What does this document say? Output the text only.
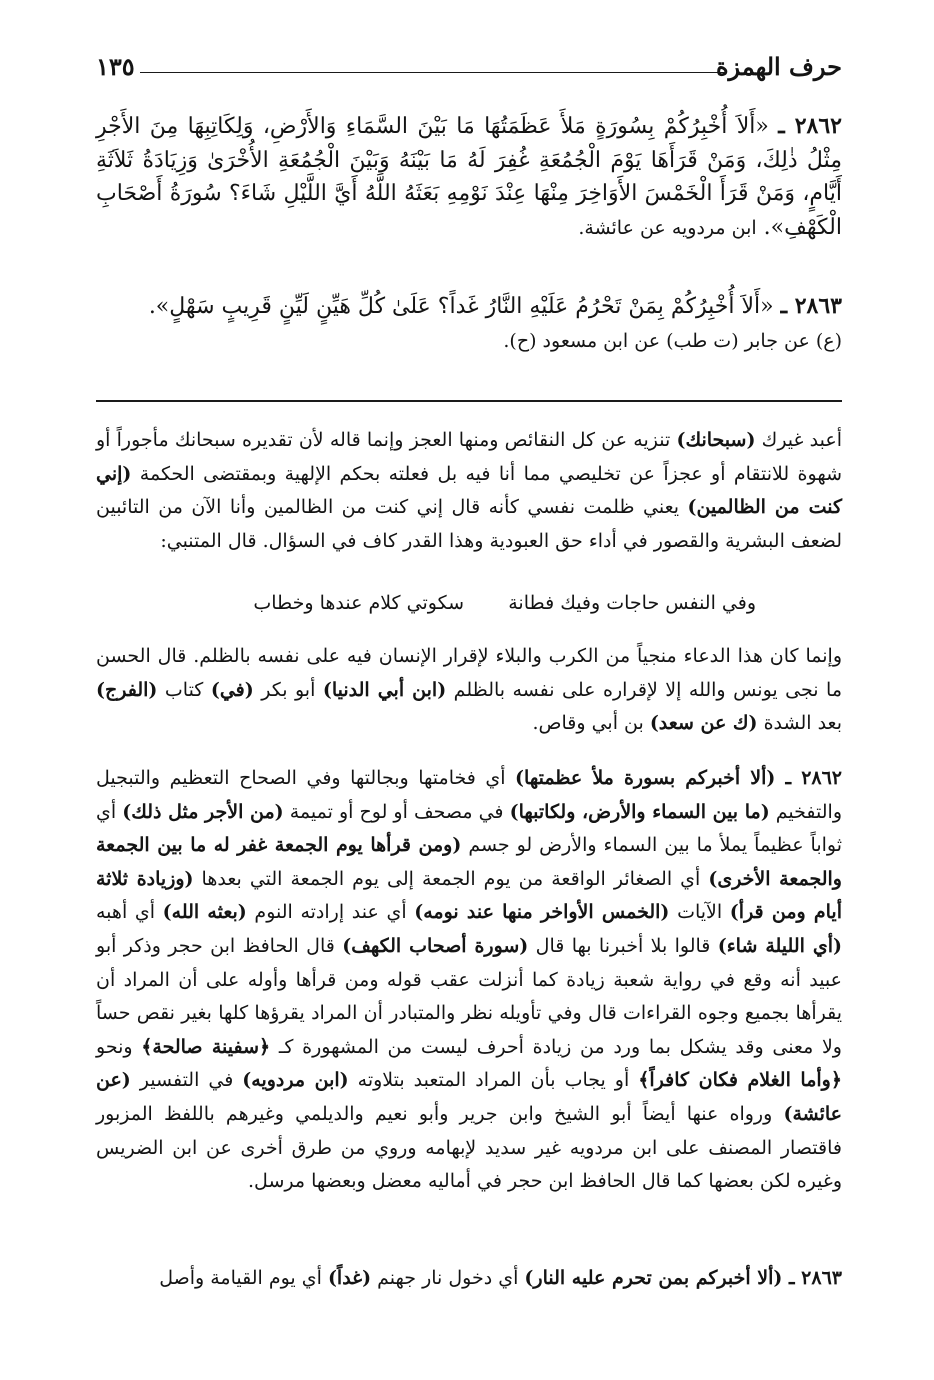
حرف الهمزة
١٣٥
٢٨٦٢ ـ «أَلاَ أُخْبِرُكُمْ بِسُورَةٍ مَلأَ عَظَمَتُهَا مَا بَيْنَ السَّمَاءِ وَالأَرْضِ، وَلِكَاتِبِهَا مِنَ الأَجْرِ مِثْلُ ذٰلِكَ، وَمَنْ قَرَأَهَا يَوْمَ الْجُمُعَةِ غُفِرَ لَهُ مَا بَيْنَهُ وَبَيْنَ الْجُمُعَةِ الأُخْرَىٰ وَزِيَادَةُ ثَلاَثَةِ أَيَّامٍ، وَمَنْ قَرَأَ الْخَمْسَ الأَوَاخِرَ مِنْهَا عِنْدَ نَوْمِهِ بَعَثَهُ اللَّهُ أَيَّ اللَّيْلِ شَاءَ؟ سُورَةُ أَصْحَابِ الْكَهْفِ». ابن مردويه عن عائشة.
٢٨٦٣ ـ «أَلاَ أُخْبِرُكُمْ بِمَنْ تَحْرُمُ عَلَيْهِ النَّارُ غَداً؟ عَلَىٰ كُلِّ هَيِّنٍ لَيِّنٍ قَرِيبٍ سَهْلٍ».
(ع) عن جابر (ت طب) عن ابن مسعود (ح).
أعبد غيرك (سبحانك) تنزيه عن كل النقائص ومنها العجز وإنما قاله لأن تقديره سبحانك مأجوراً أو شهوة للانتقام أو عجزاً عن تخليصي مما أنا فيه بل فعلته بحكم الإلهية وبمقتضى الحكمة (إني كنت من الظالمين) يعني ظلمت نفسي كأنه قال إني كنت من الظالمين وأنا الآن من التائبين لضعف البشرية والقصور في أداء حق العبودية وهذا القدر كاف في السؤال. قال المتنبي:
وفي النفس حاجات وفيك فطانة
سكوتي كلام عندها وخطاب
وإنما كان هذا الدعاء منجياً من الكرب والبلاء لإقرار الإنسان فيه على نفسه بالظلم. قال الحسن ما نجى يونس والله إلا لإقراره على نفسه بالظلم (ابن أبي الدنيا) أبو بكر (في) كتاب (الفرج) بعد الشدة (ك عن سعد) بن أبي وقاص.
٢٨٦٢ ـ (ألا أخبركم بسورة ملأ عظمتها) أي فخامتها وبجالتها وفي الصحاح التعظيم والتبجيل والتفخيم (ما بين السماء والأرض، ولكاتبها) في مصحف أو لوح أو تميمة (من الأجر مثل ذلك) أي ثواباً عظيماً يملأ ما بين السماء والأرض لو جسم (ومن قرأها يوم الجمعة غفر له ما بين الجمعة والجمعة الأخرى) أي الصغائر الواقعة من يوم الجمعة إلى يوم الجمعة التي بعدها (وزيادة ثلاثة أيام ومن قرأ) الآيات (الخمس الأواخر منها عند نومه) أي عند إرادته النوم (بعثه الله) أي أهبه (أي الليلة شاء) قالوا بلا أخبرنا بها قال (سورة أصحاب الكهف) قال الحافظ ابن حجر وذكر أبو عبيد أنه وقع في رواية شعبة زيادة كما أنزلت عقب قوله ومن قرأها وأوله على أن المراد أن يقرأها بجميع وجوه القراءات قال وفي تأويله نظر والمتبادر أن المراد يقرؤها كلها بغير نقص حساً ولا معنى وقد يشكل بما ورد من زيادة أحرف ليست من المشهورة كـ ﴿سفينة صالحة﴾ ونحو ﴿وأما الغلام فكان كافراً﴾ أو يجاب بأن المراد المتعبد بتلاوته (ابن مردويه) في التفسير (عن عائشة) ورواه عنها أيضاً أبو الشيخ وابن جرير وأبو نعيم والديلمي وغيرهم باللفظ المزبور فاقتصار المصنف على ابن مردويه غير سديد لإبهامه وروي من طرق أخرى عن ابن الضريس وغيره لكن بعضها كما قال الحافظ ابن حجر في أماليه معضل وبعضها مرسل.
٢٨٦٣ ـ (ألا أخبركم بمن تحرم عليه النار) أي دخول نار جهنم (غداً) أي يوم القيامة وأصل
